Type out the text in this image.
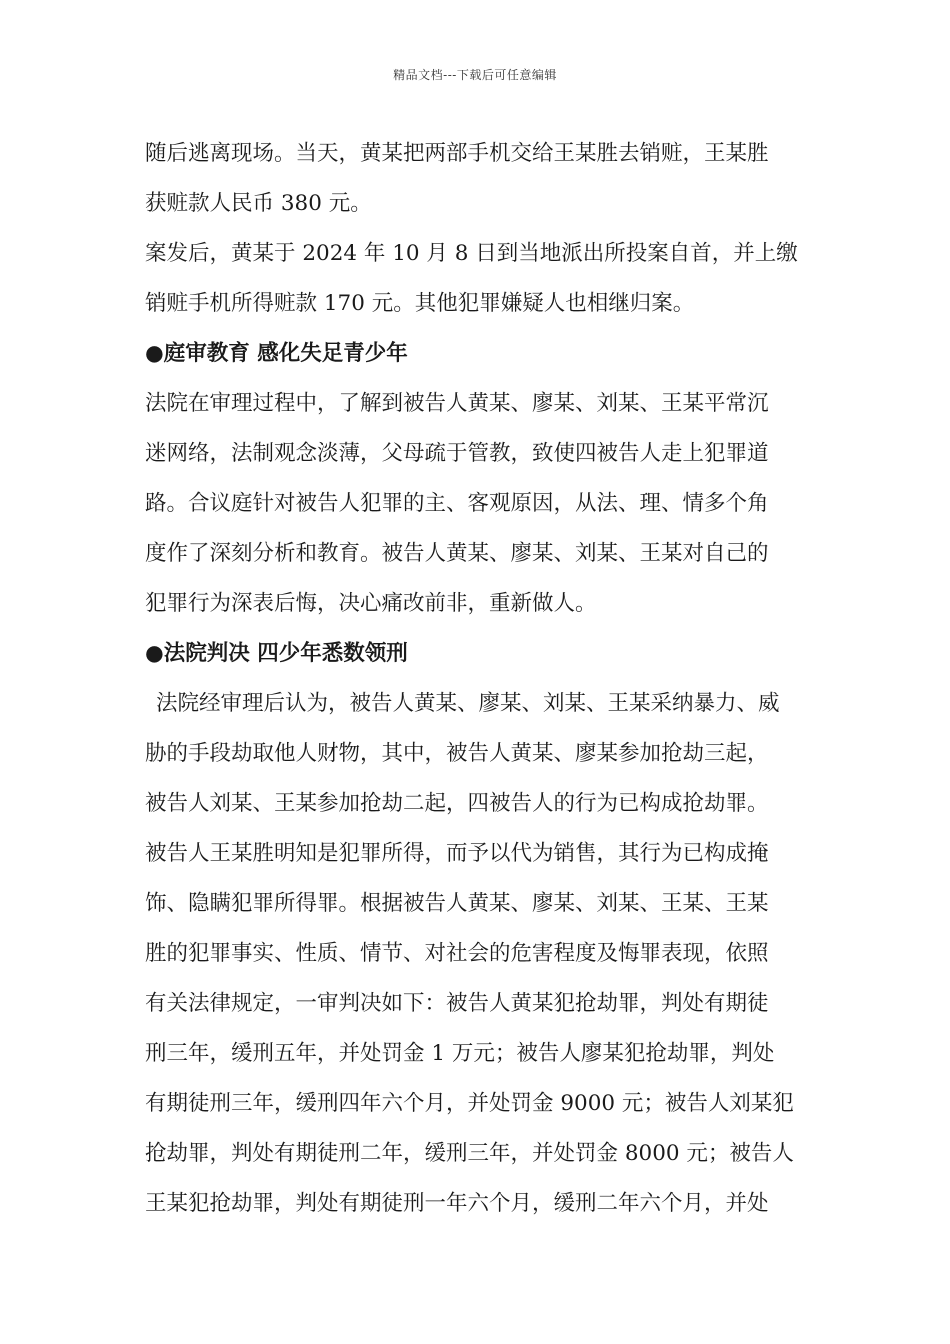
精品文档---下载后可任意编辑
随后逃离现场。当天，黄某把两部手机交给王某胜去销赃，王某胜
获赃款人民币 380 元。
案发后，黄某于 2024 年 10 月 8 日到当地派出所投案自首，并上缴
销赃手机所得赃款 170 元。其他犯罪嫌疑人也相继归案。
●庭审教育 感化失足青少年
法院在审理过程中，了解到被告人黄某、廖某、刘某、王某平常沉
迷网络，法制观念淡薄，父母疏于管教，致使四被告人走上犯罪道
路。合议庭针对被告人犯罪的主、客观原因，从法、理、情多个角
度作了深刻分析和教育。被告人黄某、廖某、刘某、王某对自己的
犯罪行为深表后悔，决心痛改前非，重新做人。
●法院判决 四少年悉数领刑
法院经审理后认为，被告人黄某、廖某、刘某、王某采纳暴力、威
胁的手段劫取他人财物，其中，被告人黄某、廖某参加抢劫三起，
被告人刘某、王某参加抢劫二起，四被告人的行为已构成抢劫罪。
被告人王某胜明知是犯罪所得，而予以代为销售，其行为已构成掩
饰、隐瞒犯罪所得罪。根据被告人黄某、廖某、刘某、王某、王某
胜的犯罪事实、性质、情节、对社会的危害程度及悔罪表现，依照
有关法律规定，一审判决如下：被告人黄某犯抢劫罪，判处有期徒
刑三年，缓刑五年，并处罚金 1 万元；被告人廖某犯抢劫罪，判处
有期徒刑三年，缓刑四年六个月，并处罚金 9000 元；被告人刘某犯
抢劫罪，判处有期徒刑二年，缓刑三年，并处罚金 8000 元；被告人
王某犯抢劫罪，判处有期徒刑一年六个月，缓刑二年六个月，并处
